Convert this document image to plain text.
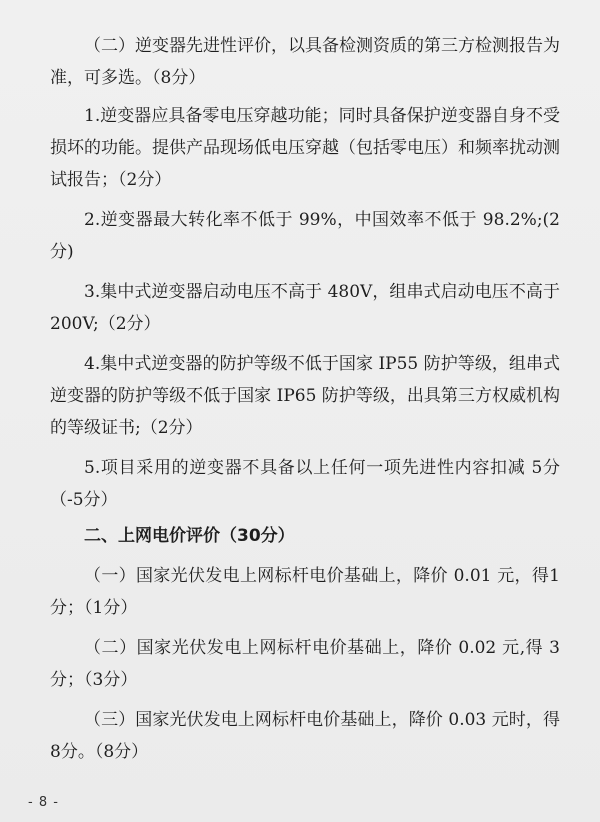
（二）逆变器先进性评价，以具备检测资质的第三方检测报告为准，可多选。（8分）

1.逆变器应具备零电压穿越功能；同时具备保护逆变器自身不受损坏的功能。提供产品现场低电压穿越（包括零电压）和频率扰动测试报告；（2分）

2.逆变器最大转化率不低于 99%，中国效率不低于 98.2%;(2分)

3.集中式逆变器启动电压不高于 480V，组串式启动电压不高于 200V;（2分）

4.集中式逆变器的防护等级不低于国家 IP55 防护等级，组串式逆变器的防护等级不低于国家 IP65 防护等级，出具第三方权威机构的等级证书;（2分）

5.项目采用的逆变器不具备以上任何一项先进性内容扣减 5分（-5分）

二、上网电价评价（30分）

（一）国家光伏发电上网标杆电价基础上，降价 0.01 元，得1分；（1分）

（二）国家光伏发电上网标杆电价基础上，降价 0.02 元,得 3分；（3分）

（三）国家光伏发电上网标杆电价基础上，降价 0.03 元时，得 8分。（8分）

- 8 -
